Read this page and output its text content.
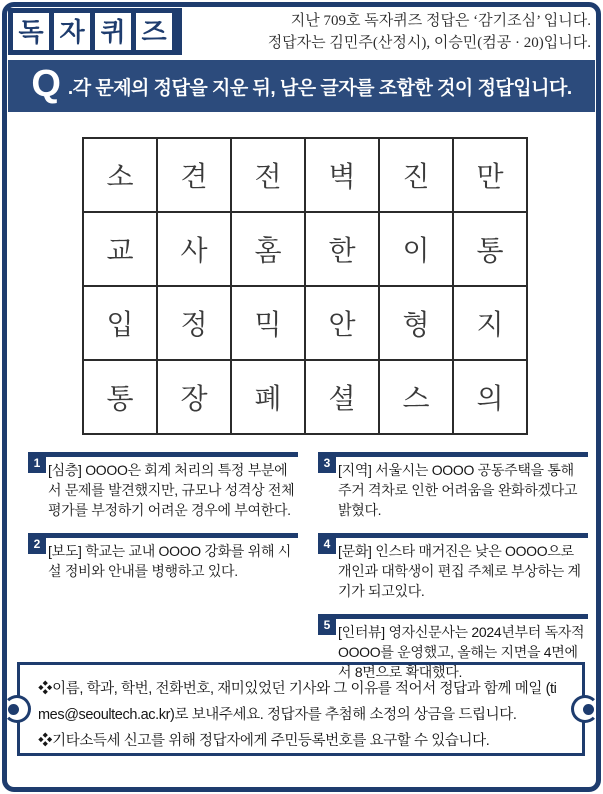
독 자 퀴 즈	지난 709호 독자퀴즈 정답은 ‘감기조심’ 입니다.
정답자는 김민주(산정시), 이승민(컴공 · 20)입니다.
Q .각 문제의 정답을 지운 뒤, 남은 글자를 조합한 것이 정답입니다.
소	견	전	벽	진	만
교	사	홈	한	이	통
입	정	믹	안	형	지
통	장	폐	셜	스	의
1 [심층] OOOO은 회계 처리의 특정 부분에서 문제를 발견했지만, 규모나 성격상 전체 평가를 부정하기 어려운 경우에 부여한다.
2 [보도] 학교는 교내 OOOO 강화를 위해 시설 정비와 안내를 병행하고 있다.
3 [지역] 서울시는 OOOO 공동주택을 통해 주거 격차로 인한 어려움을 완화하겠다고 밝혔다.
4 [문화] 인스타 매거진은 낮은 OOOO으로 개인과 대학생이 편집 주체로 부상하는 계기가 되고있다.
5 [인터뷰] 영자신문사는 2024년부터 독자적 OOOO를 운영했고, 올해는 지면을 4면에서 8면으로 확대했다.

❖이름, 학과, 학번, 전화번호, 재미있었던 기사와 그 이유를 적어서 정답과 함께 메일 (times@seoultech.ac.kr)로 보내주세요. 정답자를 추첨해 소정의 상금을 드립니다.

❖기타소득세 신고를 위해 정답자에게 주민등록번호를 요구할 수 있습니다.
